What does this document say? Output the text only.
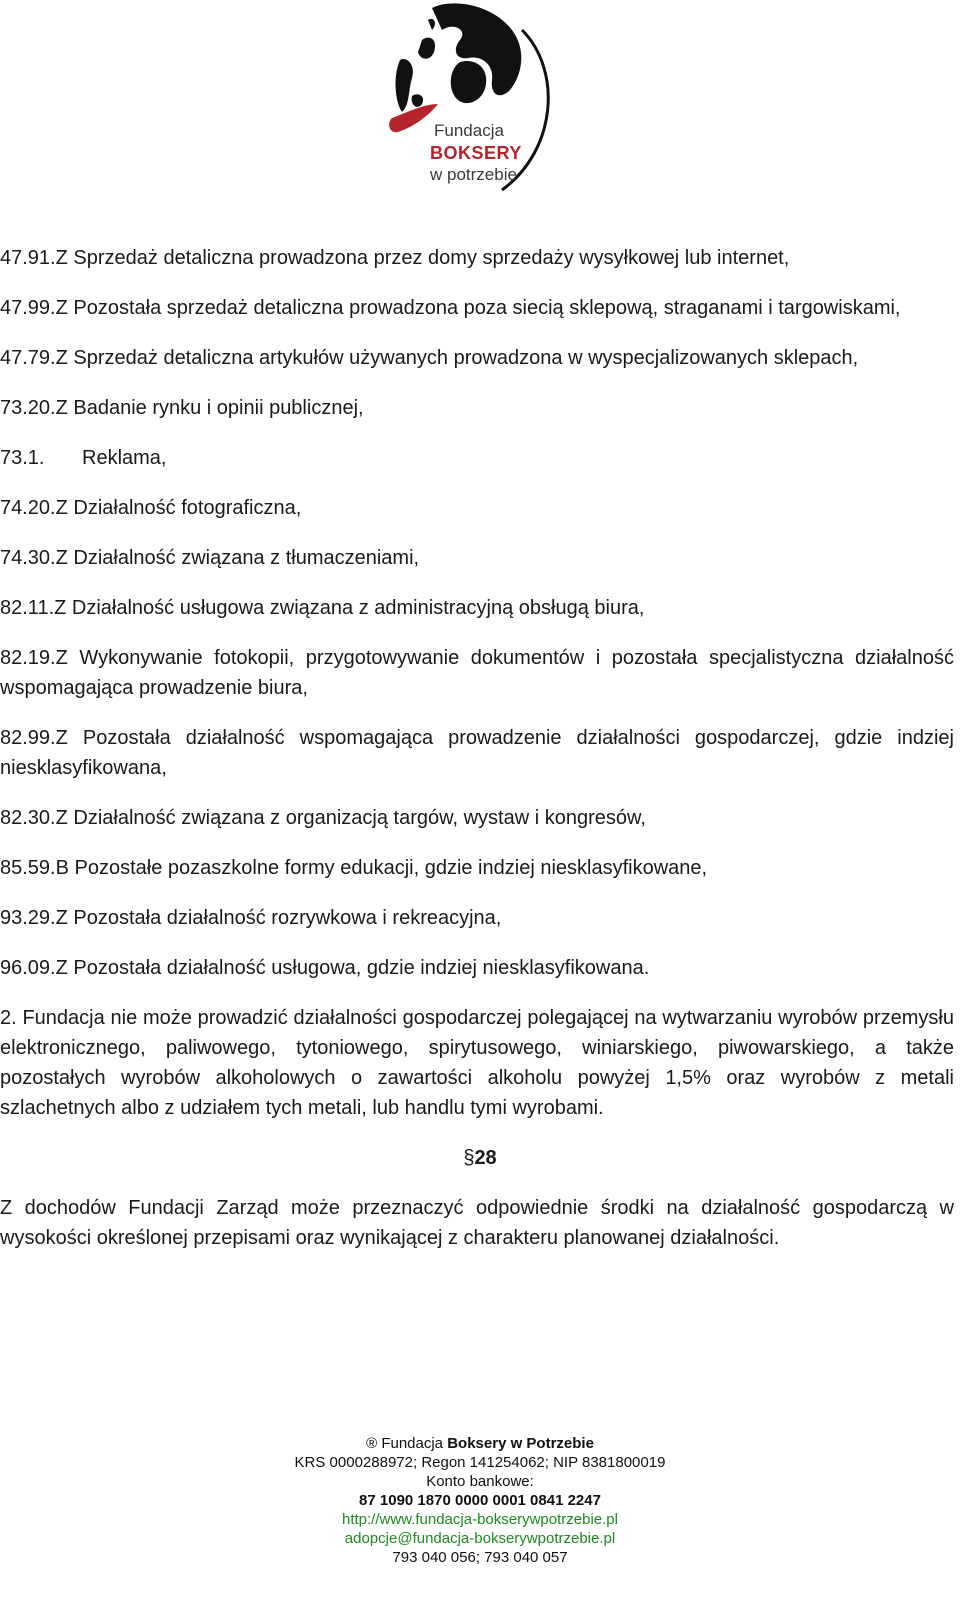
Fundacja
BOKSERY
w potrzebie

47.91.Z Sprzedaż detaliczna prowadzona przez domy sprzedaży wysyłkowej lub internet,

47.99.Z Pozostała sprzedaż detaliczna prowadzona poza siecią sklepową, straganami i targowiskami,

47.79.Z Sprzedaż detaliczna artykułów używanych prowadzona w wyspecjalizowanych sklepach,

73.20.Z Badanie rynku i opinii publicznej,

73.1. Reklama,

74.20.Z Działalność fotograficzna,

74.30.Z Działalność związana z tłumaczeniami,

82.11.Z Działalność usługowa związana z administracyjną obsługą biura,

82.19.Z Wykonywanie fotokopii, przygotowywanie dokumentów i pozostała specjalistyczna działalność wspomagająca prowadzenie biura,

82.99.Z Pozostała działalność wspomagająca prowadzenie działalności gospodarczej, gdzie indziej niesklasyfikowana,

82.30.Z Działalność związana z organizacją targów, wystaw i kongresów,

85.59.B Pozostałe pozaszkolne formy edukacji, gdzie indziej niesklasyfikowane,

93.29.Z Pozostała działalność rozrywkowa i rekreacyjna,

96.09.Z Pozostała działalność usługowa, gdzie indziej niesklasyfikowana.

2. Fundacja nie może prowadzić działalności gospodarczej polegającej na wytwarzaniu wyrobów przemysłu elektronicznego, paliwowego, tytoniowego, spirytusowego, winiarskiego, piwowarskiego, a także pozostałych wyrobów alkoholowych o zawartości alkoholu powyżej 1,5% oraz wyrobów z metali szlachetnych albo z udziałem tych metali, lub handlu tymi wyrobami.

§28

Z dochodów Fundacji Zarząd może przeznaczyć odpowiednie środki na działalność gospodarczą w wysokości określonej przepisami oraz wynikającej z charakteru planowanej działalności.

® Fundacja Boksery w Potrzebie
KRS 0000288972; Regon 141254062; NIP 8381800019
Konto bankowe:
87 1090 1870 0000 0001 0841 2247
http://www.fundacja-bokserywpotrzebie.pl
adopcje@fundacja-bokserywpotrzebie.pl
793 040 056; 793 040 057
